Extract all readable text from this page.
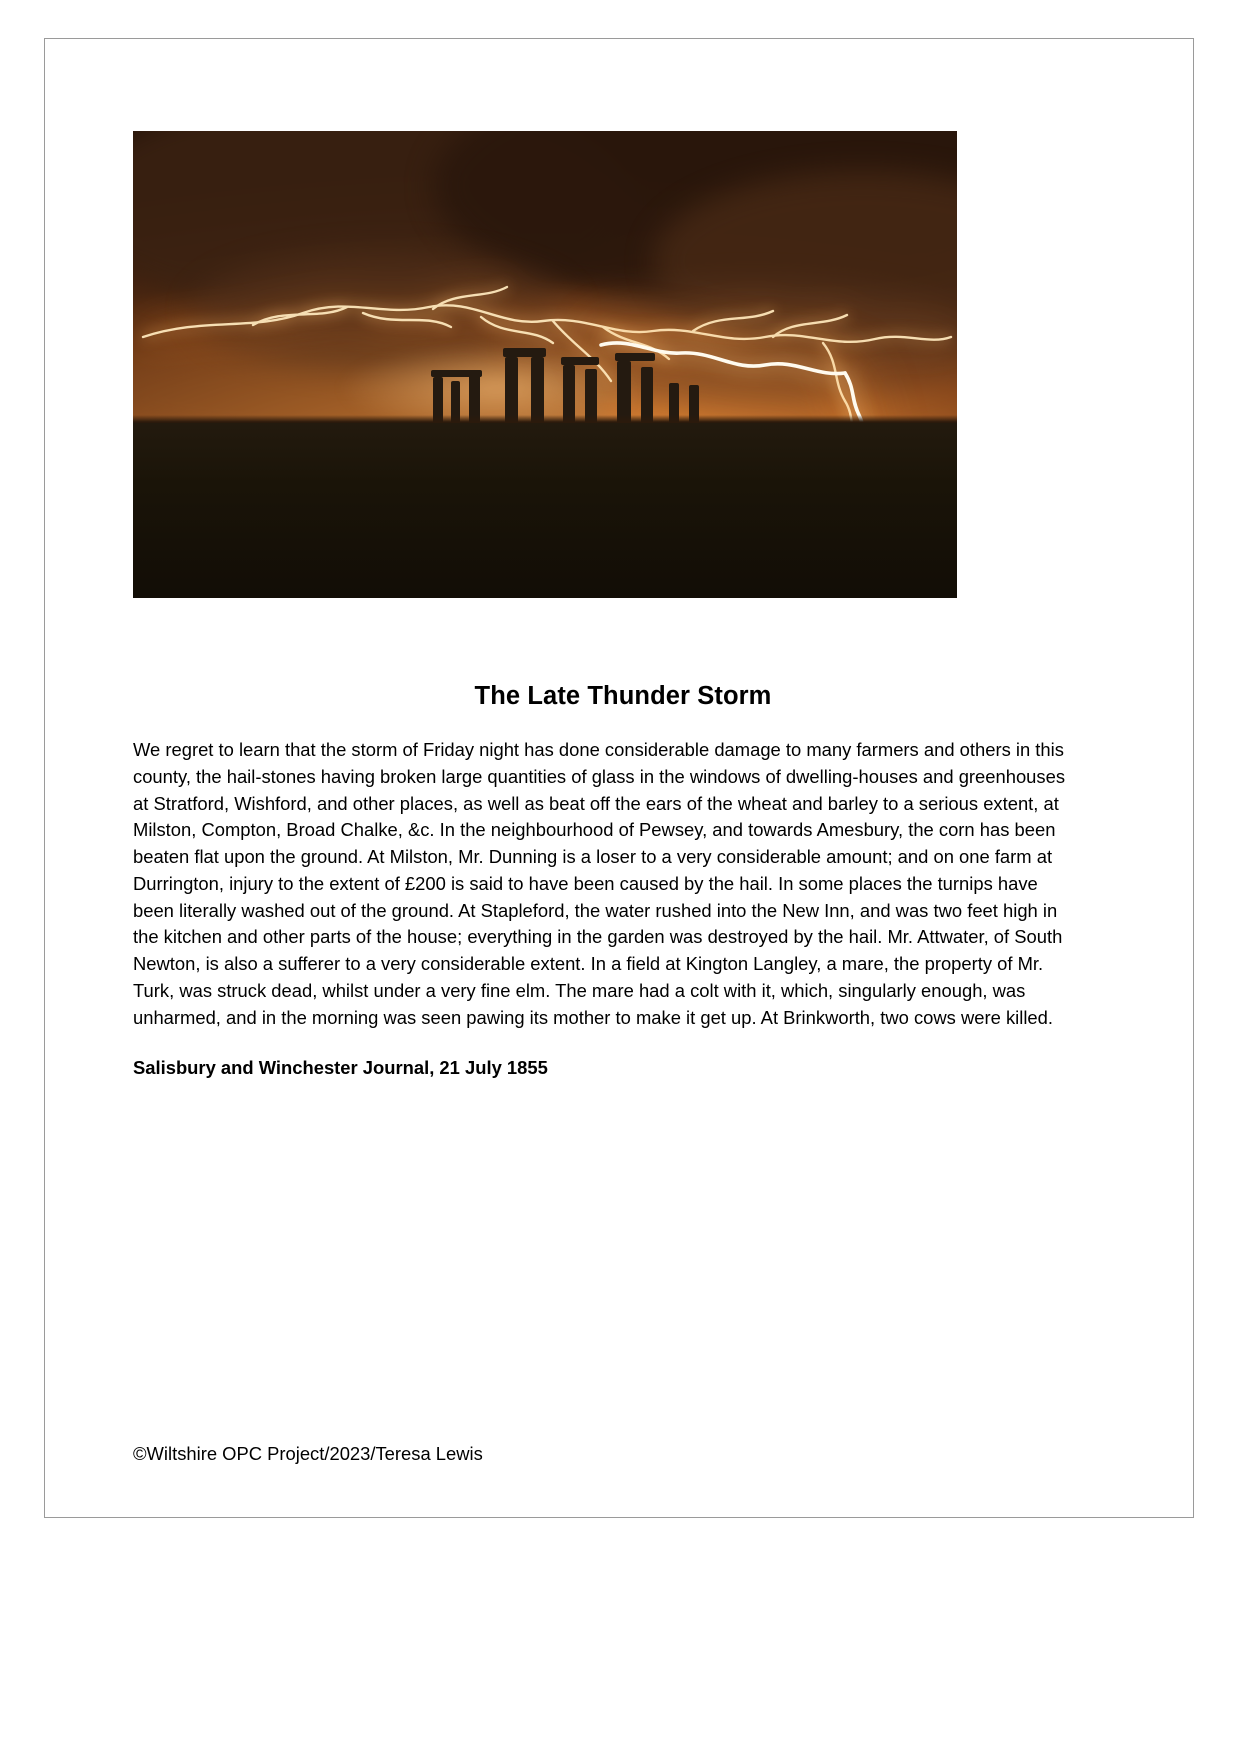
The Late Thunder Storm

We regret to learn that the storm of Friday night has done considerable damage to many farmers and others in this county, the hail-stones having broken large quantities of glass in the windows of dwelling-houses and greenhouses at Stratford, Wishford, and other places, as well as beat off the ears of the wheat and barley to a serious extent, at Milston, Compton, Broad Chalke, &c. In the neighbourhood of Pewsey, and towards Amesbury, the corn has been beaten flat upon the ground. At Milston, Mr. Dunning is a loser to a very considerable amount; and on one farm at Durrington, injury to the extent of £200 is said to have been caused by the hail. In some places the turnips have been literally washed out of the ground. At Stapleford, the water rushed into the New Inn, and was two feet high in the kitchen and other parts of the house; everything in the garden was destroyed by the hail. Mr. Attwater, of South Newton, is also a sufferer to a very considerable extent. In a field at Kington Langley, a mare, the property of Mr. Turk, was struck dead, whilst under a very fine elm. The mare had a colt with it, which, singularly enough, was unharmed, and in the morning was seen pawing its mother to make it get up. At Brinkworth, two cows were killed.

Salisbury and Winchester Journal, 21 July 1855

©Wiltshire OPC Project/2023/Teresa Lewis
